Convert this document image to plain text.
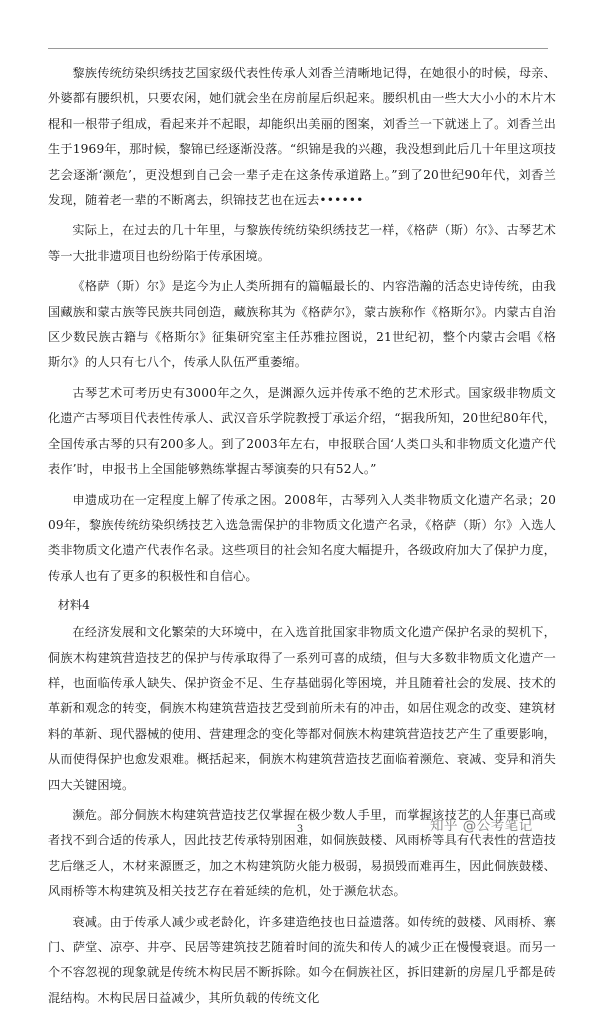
黎族传统纺染织绣技艺国家级代表性传承人刘香兰清晰地记得，在她很小的时候，母亲、外婆都有腰织机，只要农闲，她们就会坐在房前屋后织起来。腰织机由一些大大小小的木片木棍和一根带子组成，看起来并不起眼，却能织出美丽的图案，刘香兰一下就迷上了。刘香兰出生于1969年，那时候，黎锦已经逐渐没落。“织锦是我的兴趣，我没想到此后几十年里这项技艺会逐渐‘濒危’，更没想到自己会一辈子走在这条传承道路上。”到了20世纪90年代，刘香兰发现，随着老一辈的不断离去，织锦技艺也在远去••••••

实际上，在过去的几十年里，与黎族传统纺染织绣技艺一样，《格萨（斯）尔》、古琴艺术等一大批非遗项目也纷纷陷于传承困境。

《格萨（斯）尔》是迄今为止人类所拥有的篇幅最长的、内容浩瀚的活态史诗传统，由我国藏族和蒙古族等民族共同创造，藏族称其为《格萨尔》，蒙古族称作《格斯尔》。内蒙古自治区少数民族古籍与《格斯尔》征集研究室主任苏雅拉图说，21世纪初，整个内蒙古会唱《格斯尔》的人只有七八个，传承人队伍严重萎缩。

古琴艺术可考历史有3000年之久，是渊源久远并传承不绝的艺术形式。国家级非物质文化遗产古琴项目代表性传承人、武汉音乐学院教授丁承运介绍，“据我所知，20世纪80年代，全国传承古琴的只有200多人。到了2003年左右，申报联合国‘人类口头和非物质文化遗产代表作’时，申报书上全国能够熟练掌握古琴演奏的只有52人。”

申遗成功在一定程度上解了传承之困。2008年，古琴列入人类非物质文化遗产名录；2009年，黎族传统纺染织绣技艺入选急需保护的非物质文化遗产名录，《格萨（斯）尔》入选人类非物质文化遗产代表作名录。这些项目的社会知名度大幅提升，各级政府加大了保护力度，传承人也有了更多的积极性和自信心。

材料4

在经济发展和文化繁荣的大环境中，在入选首批国家非物质文化遗产保护名录的契机下，侗族木构建筑营造技艺的保护与传承取得了一系列可喜的成绩，但与大多数非物质文化遗产一样，也面临传承人缺失、保护资金不足、生存基础弱化等困境，并且随着社会的发展、技术的革新和观念的转变，侗族木构建筑营造技艺受到前所未有的冲击，如居住观念的改变、建筑材料的革新、现代器械的使用、营建理念的变化等都对侗族木构建筑营造技艺产生了重要影响，从而使得保护也愈发艰难。概括起来，侗族木构建筑营造技艺面临着濒危、衰减、变异和消失四大关键困境。

濒危。部分侗族木构建筑营造技艺仅掌握在极少数人手里，而掌握该技艺的人年事已高或者找不到合适的传承人，因此技艺传承特别困难，如侗族鼓楼、风雨桥等具有代表性的营造技艺后继乏人，木材来源匮乏，加之木构建筑防火能力极弱，易损毁而难再生，因此侗族鼓楼、风雨桥等木构建筑及相关技艺存在着延续的危机，处于濒危状态。

衰减。由于传承人减少或老龄化，许多建造绝技也日益遗落。如传统的鼓楼、风雨桥、寨门、萨堂、凉亭、井亭、民居等建筑技艺随着时间的流失和传人的减少正在慢慢衰退。而另一个不容忽视的现象就是传统木构民居不断拆除。如今在侗族社区，拆旧建新的房屋几乎都是砖混结构。木构民居日益减少，其所负载的传统文化

3	知乎 @公考笔记
